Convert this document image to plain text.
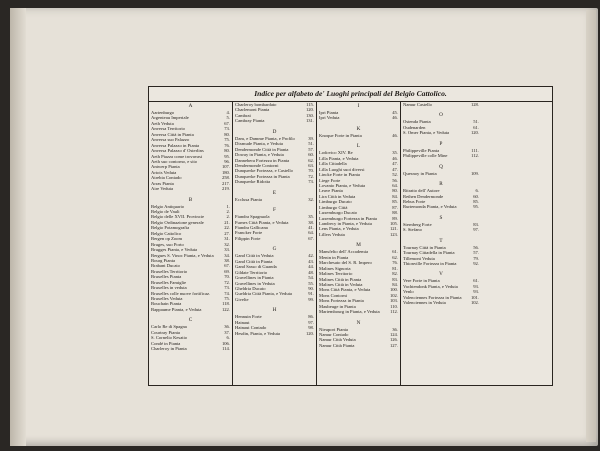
Indice per alfabeto de' Luoghi principali del Belgio Cattolico.
A
Aartenburgo	4.
Argenteau Imperiale	5.
Aeth Veduta	67.
Anversa Territorio	73.
Anversa Città in Pianta	80.
Anversa suo Palazzo	75.
Anversa Palazzo in Pianta	76.
Anversa Palazzo d' Osterlins	80.
Aeth Piazza come trovavasi	95.
Aeth suo contorno, e sito	96.
Antwerp Pianta	107.
Artois Veduta	180.
Atrebia Contado	258.
Arras Pianta	217.
Aire Veduta	219.
B
Belgio Antiquario	1.
Belgio de Vauli	2.
Belgio delle XVII. Provincie	2.
Belgio Ordinazione generale	21.
Belgio Potamografia	22.
Belgio Cattolico	27.
Bergen op Zoom	31.
Bruges, suo Porto	32.
Brugges Pianta, e Veduta	33.
Bergues S. Vinoc Pianta, e Veduta 34.
Bourg Pianta	38.
Brabant Ducato	67.
Bruxelles Territorio	69.
Bruxelles Pianta	70.
Bruxelles Famiglie	72.
Bruxelles in veduta	73.
Bruxelles colle nuove fortificaz.	74.
Bruxelles Veduta	75.
Bouchain Pianta	118.
Bappaume Pianta, e Veduta	122.
C
Carlo Re di Spagna	36.
Courtray Pianta	37.
S. Cornelio Kesatio	6.
Condé in Pianta	106.
Charleroy in Pianta	114.
Charleroy bombardato	115.
Charlemont Pianta	120.
Cambrai	130.
Cambray Pianta	131.
D
Dam, e Damme Pianta, e Profilo	39.
Dixmude Pianta, e Veduta	51.
Dendermonde Città in Pianta	57.
Doway in Pianta, e Veduta	60.
Dannebera Fortezza in Pianta	62.
Dendermonde Contorni	63.
Dunquerke Fortezza, e Castello	70.
Dunquerke Fortezza in Pianta	72.
Dunquerke Ridotta	73.
E
Ecclusa Pianta	32.
F
Fiandra Spagnuola	35.
Furnes Città Pianta, e Veduta	38.
Fiandra Gallicana	41.
Francker Forte	64.
Filippin Forte	67.
G
Gand Città in Veduta	42.
Gand Città in Pianta	43.
Gand Sasso di Guanda	44.
Gildate Territorio	48.
Gravellines in Pianta	54.
Gravellines in Veduta	55.
Gheldria Ducato	90.
Gueldria Città Pianta, e Veduta	91.
Givelte	99.
H
Hennuin Forte	86.
Hainaut	97.
Hainaut Contado	98.
Hesdin, Pianta, e Veduta	120.
I
Ipri Pianta	45.
Ipri Veduta	46.
K
Knoque Forte in Pianta	46.
L
Lodovico XIV. Re	35.
Lilla Pianta, e Veduta	46.
Lilla Cittadella	47.
Lilla Luoghi suoi diversi	47.
Lincke Forte in Pianta	52.
Liege Forte	56.
Lovanio Pianta, e Veduta	64.
Leave Pianta	80.
Lira Città in Veduta	84.
Limburgo Ducato	85.
Limburgo Città	87.
Luxemburgo Ducato	88.
Luxemburgo Fortezza in Pianta	89.
Landrecy in Pianta, e Veduta	105.
Lens Pianta, e Veduta	121.
Lillers Veduta	123.
M
Mansfelto dell' Accademia	61.
Menin in Pianta	62.
Marchesato del S. R. Impero	76.
Malines Signoria	81.
Malines Territorio	82.
Malines Città in Pianta	83.
Malines Città in Veduta	84.
Mons Città Pianta, e Veduta	100.
Mons Contorni	102.
Mons Fortezza in Pianta	103.
Maubeuge in Pianta	110.
Mariembourg in Pianta, e Veduta 112.
N
Nieuport Pianta	36.
Namur Contado	124.
Namur Città Veduta	126.
Namur Città Pianta	127.
Namur Castello	128.
O
Ostenda Pianta	51.
Oudenarden	61.
S. Omer Pianta, e Veduta	120.
P
Philippeville Pianta	111.
Philippeville colle Mine	112.
Q
Quesnoy in Pianta	109.
R
Ritratto dell' Autore	6.
Rethen Dendermonde	60.
Rebus Forte	85.
Rurtemonda Pianta, e Veduta	95.
S
Sternberg Forte	83.
S. Stefano	97.
T
Tournay Città in Pianta	56.
Tournay Cittadella in Pianta	57.
Tillemont Veduta	79.
Thionville Fortezza in Pianta	92.
V
Vere Forte in Pianta	61.
Vachtendonk Pianta, e Veduta	93.
Venlo	93.
Valenciennes Fortezza in Pianta 101.
Valenciennes in Veduta	102.
